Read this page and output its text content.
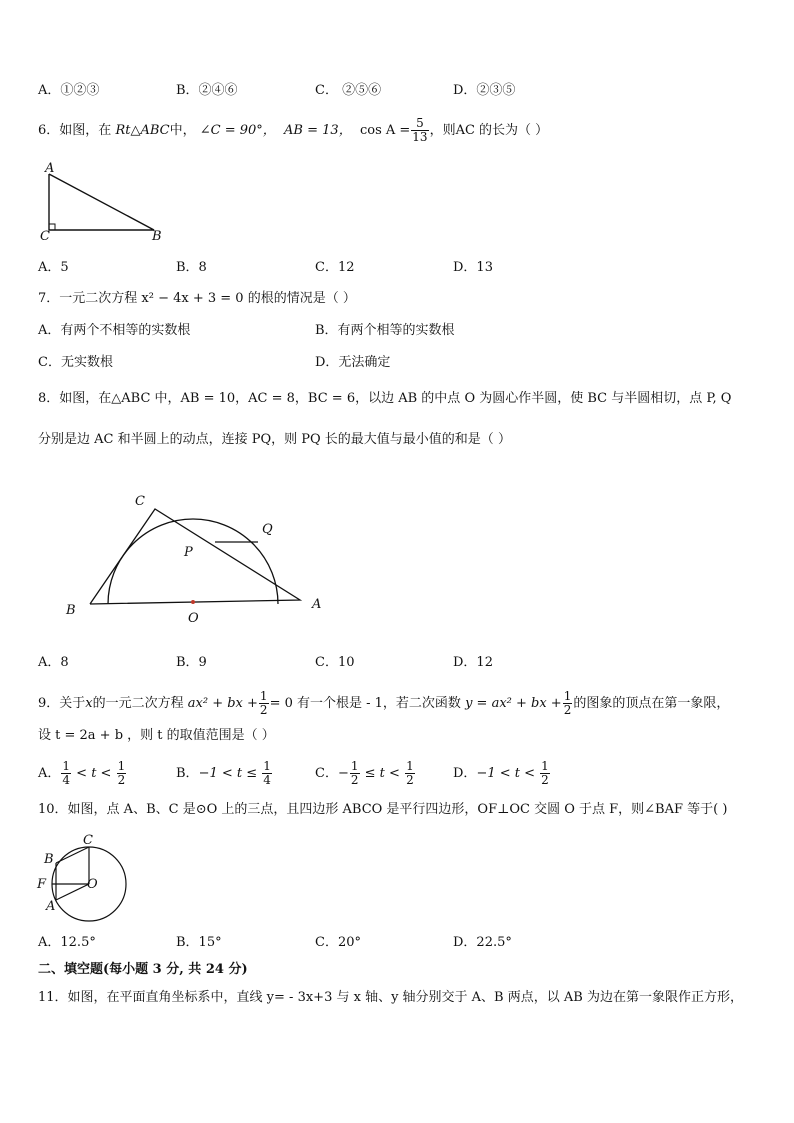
A．①②③	B．②④⑥	C． ②⑤⑥	D．②③⑤
6．如图，在 Rt△ABC中， ∠C = 90°， AB = 13， $\cos A = \frac{5}{13}$ ，则AC 的长为（ ）
A
C	B
A．5	B．8	C．12	D．13
7．一元二次方程 x² − 4x + 3 = 0 的根的情况是（ ）
A．有两个不相等的实数根	B．有两个相等的实数根
C．无实数根	D．无法确定
8．如图，在△ABC 中，AB = 10，AC = 8，BC = 6，以边 AB 的中点 O 为圆心作半圆，使 BC 与半圆相切，点 P, Q
分别是边 AC 和半圆上的动点，连接 PQ，则 PQ 长的最大值与最小值的和是（ ）
C
B	A
O
P
Q
A．8	B．9	C．10	D．12
9．关于x的一元二次方程 ax² + bx + $\frac{1}{2} = 0$ 有一个根是 - 1，若二次函数 y = ax² + bx + $\frac{1}{2}$ 的图象的顶点在第一象限，
设 t = 2a + b ，则 t 的取值范围是（ ）
A． $\frac{1}{4} < t < \frac{1}{2}$	B．$-1 < t \le \frac{1}{4}$	C．− $\frac{1}{2} \le t < \frac{1}{2}$	D．$-1 < t < \frac{1}{2}$
10．如图，点 A、B、C 是⊙O 上的三点，且四边形 ABCO 是平行四边形，OF⊥OC 交圆 O 于点 F，则∠BAF 等于( )
C
B
F
A
O
A．12.5°	B．15°	C．20°	D．22.5°
二、填空题(每小题 3 分, 共 24 分)
11．如图，在平面直角坐标系中，直线 y= - 3x+3 与 x 轴、y 轴分别交于 A、B 两点，以 AB 为边在第一象限作正方形，
